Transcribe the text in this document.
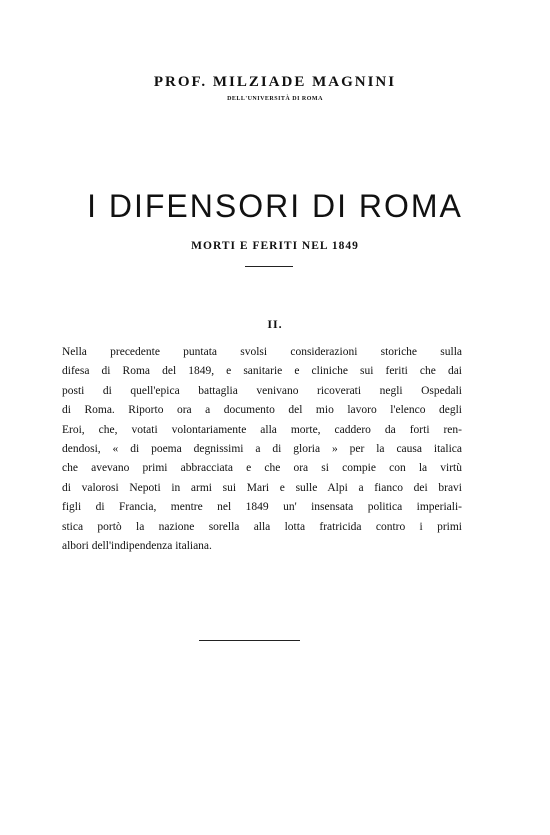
PROF. MILZIADE MAGNINI
DELL'UNIVERSITÀ DI ROMA
I DIFENSORI DI ROMA
MORTI E FERITI NEL 1849
II.
Nella precedente puntata svolsi considerazioni storiche sulla
difesa di Roma del 1849, e sanitarie e cliniche sui feriti che dai
posti di quell'epica battaglia venivano ricoverati negli Ospedali
di Roma. Riporto ora a documento del mio lavoro l'elenco degli
Eroi, che, votati volontariamente alla morte, caddero da forti ren-
dendosi, « di poema degnissimi a di gloria » per la causa italica
che avevano primi abbracciata e che ora si compie con la virtù
di valorosi Nepoti in armi sui Mari e sulle Alpi a fianco dei bravi
figli di Francia, mentre nel 1849 un' insensata politica imperiali-
stica portò la nazione sorella alla lotta fratricida contro i primi
albori dell'indipendenza italiana.
